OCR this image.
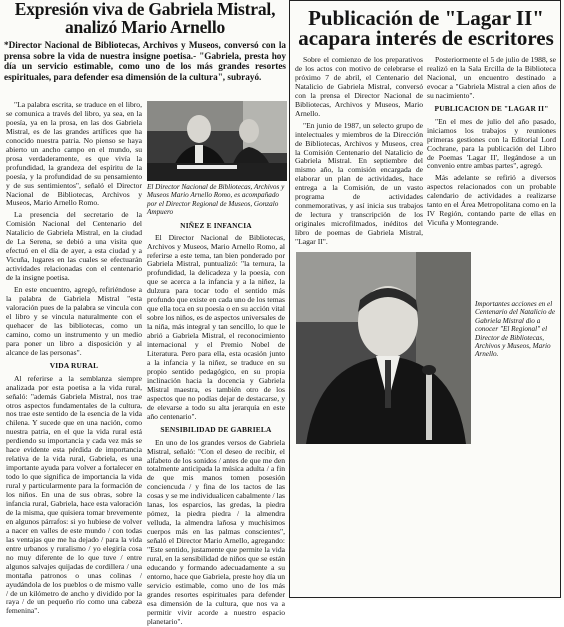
Expresión viva de Gabriela Mistral, analizó Mario Arnello
*Director Nacional de Bibliotecas, Archivos y Museos, conversó con la prensa sobre la vida de nuestra insigne poetisa.- "Gabriela, presta hoy día un servicio estimable, como uno de los más grandes resortes espirituales, para defender esa dimensión de la cultura", subrayó.

"La palabra escrita, se traduce en el libro, se comunica a través del libro, ya sea, en la poesía, ya en la prosa, en las dos Gabriela Mistral, es de las grandes artífices que ha conocido nuestra patria. No pienso se haya abierto un ancho campo en el mundo, su prosa verdaderamente, es que vivía la profundidad, la grandeza del espíritu de la poesía, y la profundidad de su pensamiento y de sus sentimientos", señaló el Director Nacional de Bibliotecas, Archivos y Museos, Mario Arnello Romo.

La presencia del secretario de la Comisión Nacional del Centenario del Natalicio de Gabriela Mistral, en la ciudad de La Serena, se debió a una visita que efectuó en el día de ayer, a esta ciudad y a Vicuña, lugares en las cuales se efectuarán actividades relacionadas con el centenario de la insigne poetisa.

En este encuentro, agregó, refiriéndose a la palabra de Gabriela Mistral "esta valoración pues de la palabra se vincula con el libro y se vincula naturalmente con el quehacer de las bibliotecas, como un camino, como un instrumento y un medio para poner un libro a disposición y al alcance de las personas".

VIDA RURAL

Al referirse a la semblanza siempre analizada por esta poetisa a la vida rural, señaló: "además Gabriela Mistral, nos trae otros aspectos fundamentales de la cultura, nos trae este sentido de la esencia de la vida chilena. Y sucede que en una nación, como nuestra patria, en el que la vida rural está perdiendo su importancia y cada vez más se hace evidente esta pérdida de importancia relativa de la vida rural, Gabriela, es una importante ayuda para volver a fortalecer en todo lo que significa de importancia la vida rural y particularmente para la formación de los niños. En una de sus obras, sobre la infancia rural, Gabriela, hace esta valoración de la misma, que quisiera tomar brevemente en algunos párrafos: si yo hubiese de volver a nacer en valles de este mundo / con todas las ventajas que me ha dejado / para la vida entre urbanos y ruralismo / yo elegiría cosa no muy diferente de lo que tuve / entre algunos salvajes quijadas de cordillera / una montaña patronos o unas colinas / ayudándola de los pueblos o de mismo valle / de un kilómetro de ancho y dividido por la raya / de un pequeño río como una cabeza femenina".

El Director Nacional de Bibliotecas, Archivos y Museos Mario Arnello Romo, es acompañado por el Director Regional de Museos, Gonzalo Ampuero
NIÑEZ E INFANCIA

El Director Nacional de Bibliotecas, Archivos y Museos, Mario Arnello Romo, al referirse a este tema, tan bien ponderado por Gabriela Mistral, puntualizó: "la ternura, la profundidad, la delicadeza y la poesía, con que se acerca a la infancia y a la niñez, la dulzura para tocar todo el sentido más profundo que existe en cada uno de los temas que ella toca en su poesía o en su acción vital sobre los niños, es de aspectos universales de la niña, más integral y tan sencillo, lo que le abrió a Gabriela Mistral, el reconocimiento internacional y el Premio Nobel de Literatura. Pero para ella, esta ocasión junto a la infancia y la niñez, se traduce en su propio sentido pedagógico, en su propia inclinación hacia la docencia y Gabriela Mistral maestra, es también otro de los aspectos que no podías dejar de destacarse, y de elevarse a todo su alta jerarquía en este año centenario".

SENSIBILIDAD DE GABRIELA

En uno de los grandes versos de Gabriela Mistral, señaló: "Con el deseo de recibir, el alfabeto de los sonidos / antes de que me den totalmente anticipada la música adulta / a fin de que mis manos tomen posesión conciencuda / y fina de los tactos de las cosas y se me individualicen cabalmente / las lanas, los esparcios, las gredas, la piedra pómez, la piedra piedra / la almendra velluda, la almendra lañosa y muchísimos cuerpos más en las palmas conscientes", señaló el Director Mario Arnello, agregando: "Este sentido, justamente que permite la vida rural, en la sensibilidad de niños que se están educando y formando adecuadamente a su entorno, hace que Gabriela, preste hoy día un servicio estimable, como uno de los más grandes resortes espirituales para defender esa dimensión de la cultura, que nos va a permitir vivir acorde a nuestro espacio planetario".

Publicación de "Lagar II" acapara interés de escritores

Sobre el comienzo de los preparativos de los actos con motivo de celebrarse el próximo 7 de abril, el Centenario del Natalicio de Gabriela Mistral, conversó con la prensa el Director Nacional de Bibliotecas, Archivos y Museos, Mario Arnello.

"En junio de 1987, un selecto grupo de intelectuales y miembros de la Dirección de Bibliotecas, Archivos y Museos, crea la Comisión Centenario del Natalicio de Gabriela Mistral. En septiembre del mismo año, la comisión encargada de elaborar un plan de actividades, hace entrega a la Comisión, de un vasto programa de actividades conmemorativas, y así inicia sus trabajos de lectura y transcripción de los originales microfilmados, inéditos del libro de poemas de Gabriela Mistral, "Lagar II".

Posteriormente el 5 de julio de 1988, se realizó en la Sala Ercilla de la Biblioteca Nacional, un encuentro destinado a evocar a "Gabriela Mistral a cien años de su nacimiento".

PUBLICACION DE "LAGAR II"

"En el mes de julio del año pasado, iniciamos los trabajos y reuniones primeras gestiones con la Editorial Lord Cochrane, para la publicación del Libro de Poemas 'Lagar II', llegándose a un convenio entre ambas partes", agregó.

Más adelante se refirió a diversos aspectos relacionados con un probable calendario de actividades a realizarse tanto en el Área Metropolitana como en la IV Región, contando parte de ellas en Vicuña y Montegrande.

Importantes acciones en el Centenario del Natalicio de Gabriela Mistral dio a conocer "El Regional" el Director de Bibliotecas, Archivos y Museos, Mario Arnello.
